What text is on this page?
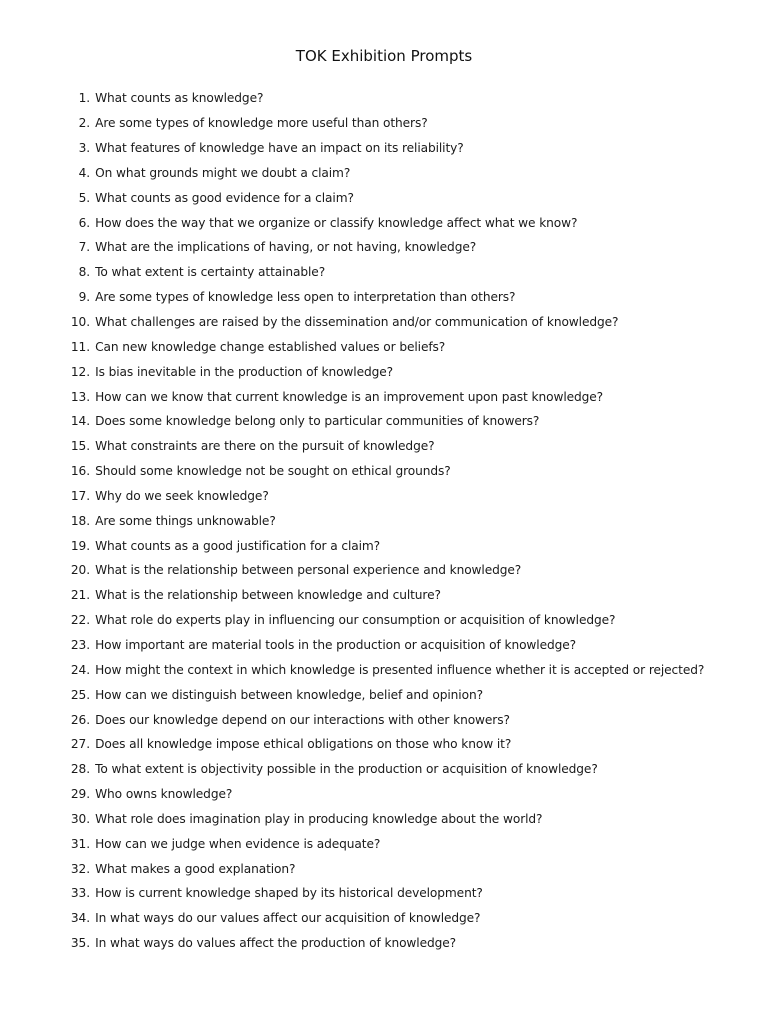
TOK Exhibition Prompts
1. What counts as knowledge?
2. Are some types of knowledge more useful than others?
3. What features of knowledge have an impact on its reliability?
4. On what grounds might we doubt a claim?
5. What counts as good evidence for a claim?
6. How does the way that we organize or classify knowledge affect what we know?
7. What are the implications of having, or not having, knowledge?
8. To what extent is certainty attainable?
9. Are some types of knowledge less open to interpretation than others?
10. What challenges are raised by the dissemination and/or communication of knowledge?
11. Can new knowledge change established values or beliefs?
12. Is bias inevitable in the production of knowledge?
13. How can we know that current knowledge is an improvement upon past knowledge?
14. Does some knowledge belong only to particular communities of knowers?
15. What constraints are there on the pursuit of knowledge?
16. Should some knowledge not be sought on ethical grounds?
17. Why do we seek knowledge?
18. Are some things unknowable?
19. What counts as a good justification for a claim?
20. What is the relationship between personal experience and knowledge?
21. What is the relationship between knowledge and culture?
22. What role do experts play in influencing our consumption or acquisition of knowledge?
23. How important are material tools in the production or acquisition of knowledge?
24. How might the context in which knowledge is presented influence whether it is accepted or rejected?
25. How can we distinguish between knowledge, belief and opinion?
26. Does our knowledge depend on our interactions with other knowers?
27. Does all knowledge impose ethical obligations on those who know it?
28. To what extent is objectivity possible in the production or acquisition of knowledge?
29. Who owns knowledge?
30. What role does imagination play in producing knowledge about the world?
31. How can we judge when evidence is adequate?
32. What makes a good explanation?
33. How is current knowledge shaped by its historical development?
34. In what ways do our values affect our acquisition of knowledge?
35. In what ways do values affect the production of knowledge?
